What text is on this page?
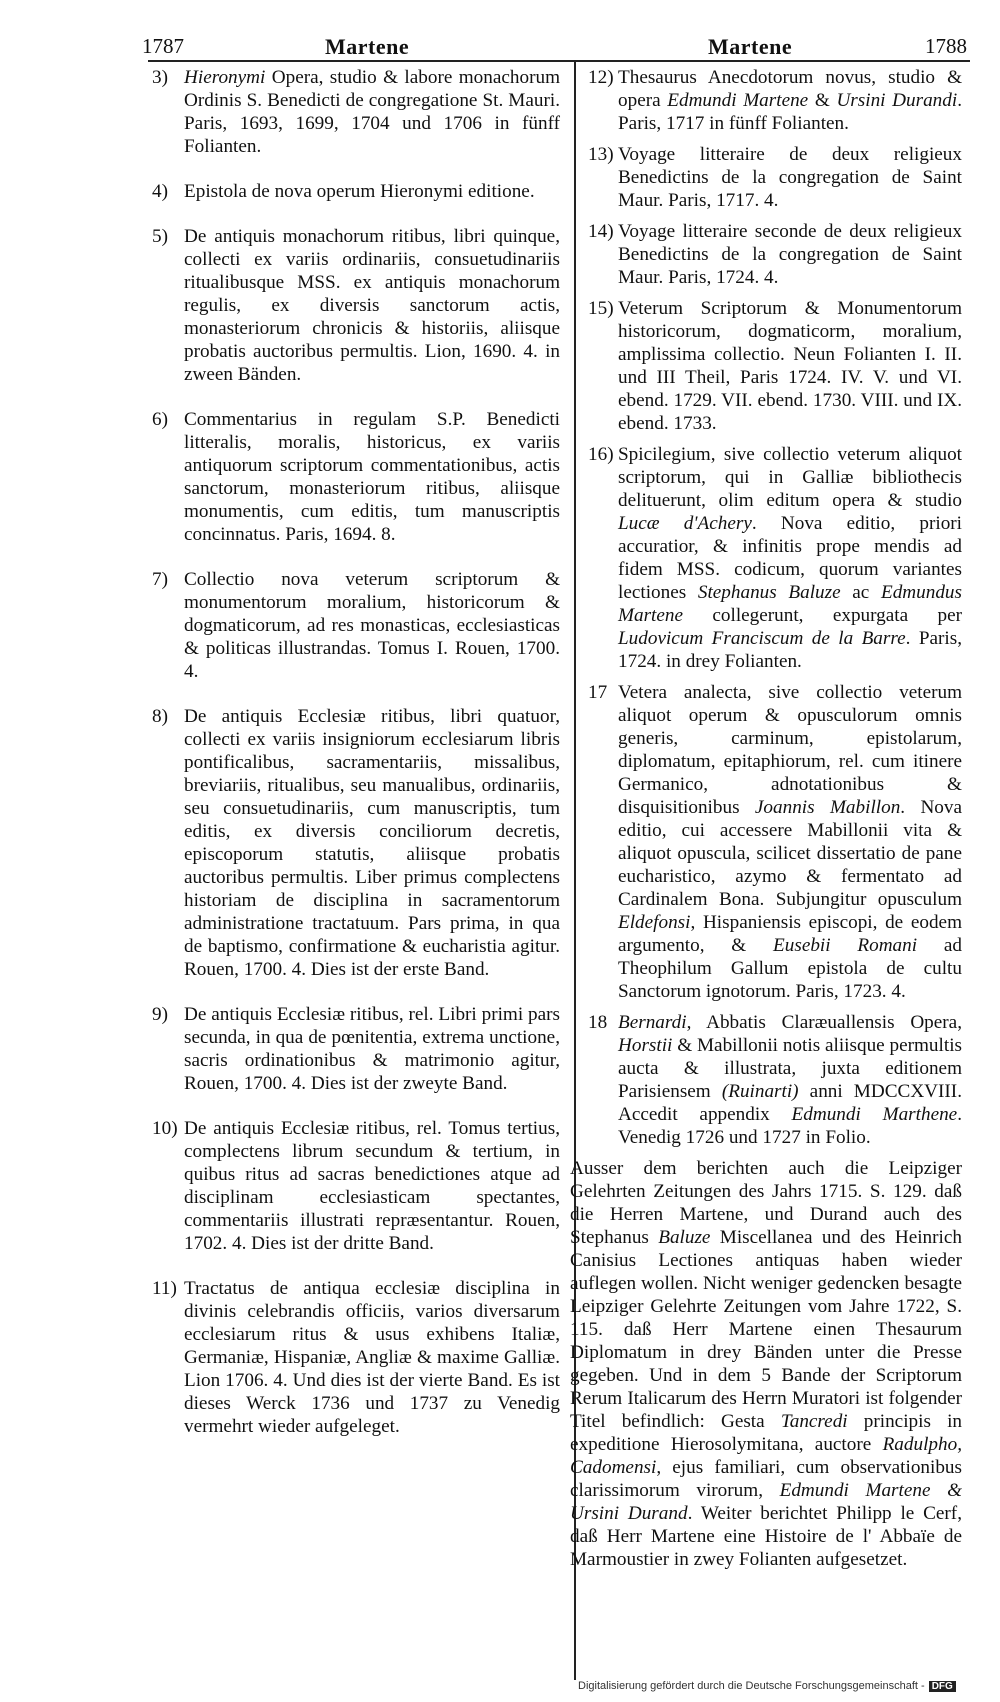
1787	Martene	Martene	1788
3) Hieronymi Opera, studio & labore monachorum Ordinis S. Benedicti de congregatione St. Mauri. Paris, 1693, 1699, 1704 und 1706 in fünff Folianten.
4) Epistola de nova operum Hieronymi editione.
5) De antiquis monachorum ritibus, libri quinque, collecti ex variis ordinariis, consuetudinariis ritualibusque MSS. ex antiquis monachorum regulis, ex diversis sanctorum actis, monasteriorum chronicis & historiis, aliisque probatis auctoribus permultis. Lion, 1690. 4. in zween Bänden.
6) Commentarius in regulam S.P. Benedicti litteralis, moralis, historicus, ex variis antiquorum scriptorum commentationibus, actis sanctorum, monasteriorum ritibus, aliisque monumentis, cum editis, tum manuscriptis concinnatus. Paris, 1694. 8.
7) Collectio nova veterum scriptorum & monumentorum moralium, historicorum & dogmaticorum, ad res monasticas, ecclesiasticas & politicas illustrandas. Tomus I. Rouen, 1700. 4.
8) De antiquis Ecclesiæ ritibus, libri quatuor, collecti ex variis insigniorum ecclesiarum libris pontificalibus, sacramentariis, missalibus, breviariis, ritualibus, seu manualibus, ordinariis, seu consuetudinariis, cum manuscriptis, tum editis, ex diversis conciliorum decretis, episcoporum statutis, aliisque probatis auctoribus permultis. Liber primus complectens historiam de disciplina in sacramentorum administratione tractatuum. Pars prima, in qua de baptismo, confirmatione & eucharistia agitur. Rouen, 1700. 4. Dies ist der erste Band.
9) De antiquis Ecclesiæ ritibus, rel. Libri primi pars secunda, in qua de pœnitentia, extrema unctione, sacris ordinationibus & matrimonio agitur, Rouen, 1700. 4. Dies ist der zweyte Band.
10) De antiquis Ecclesiæ ritibus, rel. Tomus tertius, complectens librum secundum & tertium, in quibus ritus ad sacras benedictiones atque ad disciplinam ecclesiasticam spectantes, commentariis illustrati repræsentantur. Rouen, 1702. 4. Dies ist der dritte Band.
11) Tractatus de antiqua ecclesiæ disciplina in divinis celebrandis officiis, varios diversarum ecclesiarum ritus & usus exhibens Italiæ, Germaniæ, Hispaniæ, Angliæ & maxime Galliæ. Lion 1706. 4. Und dies ist der vierte Band. Es ist dieses Werck 1736 und 1737 zu Venedig vermehrt wieder aufgeleget.
12) Thesaurus Anecdotorum novus, studio & opera Edmundi Martene & Ursini Durandi. Paris, 1717 in fünff Folianten.
13) Voyage litteraire de deux religieux Benedictins de la congregation de Saint Maur. Paris, 1717. 4.
14) Voyage litteraire seconde de deux religieux Benedictins de la congregation de Saint Maur. Paris, 1724. 4.
15) Veterum Scriptorum & Monumentorum historicorum, dogmaticorm, moralium, amplissima collectio. Neun Folianten I. II. und III Theil, Paris 1724. IV. V. und VI. ebend. 1729. VII. ebend. 1730. VIII. und IX. ebend. 1733.
16) Spicilegium, sive collectio veterum aliquot scriptorum, qui in Galliæ bibliothecis delituerunt, olim editum opera & studio Lucæ d'Achery. Nova editio, priori accuratior, & infinitis prope mendis ad fidem MSS. codicum, quorum variantes lectiones Stephanus Baluze ac Edmundus Martene collegerunt, expurgata per Ludovicum Franciscum de la Barre. Paris, 1724. in drey Folianten.
17 Vetera analecta, sive collectio veterum aliquot operum & opusculorum omnis generis, carminum, epistolarum, diplomatum, epitaphiorum, rel. cum itinere Germanico, adnotationibus & disquisitionibus Joannis Mabillon. Nova editio, cui accessere Mabillonii vita & aliquot opuscula, scilicet dissertatio de pane eucharistico, azymo & fermentato ad Cardinalem Bona. Subjungitur opusculum Eldefonsi, Hispaniensis episcopi, de eodem argumento, & Eusebii Romani ad Theophilum Gallum epistola de cultu Sanctorum ignotorum. Paris, 1723. 4.
18 Bernardi, Abbatis Claræuallensis Opera, Horstii & Mabillonii notis aliisque permultis aucta & illustrata, juxta editionem Parisiensem (Ruinarti) anni MDCCXVIII. Accedit appendix Edmundi Marthene. Venedig 1726 und 1727 in Folio.

Ausser dem berichten auch die Leipziger Gelehrten Zeitungen des Jahrs 1715. S. 129. daß die Herren Martene, und Durand auch des Stephanus Baluze Miscellanea und des Heinrich Canisius Lectiones antiquas haben wieder auflegen wollen. Nicht weniger gedencken besagte Leipziger Gelehrte Zeitungen vom Jahre 1722, S. 115. daß Herr Martene einen Thesaurum Diplomatum in drey Bänden unter die Presse gegeben. Und in dem 5 Bande der Scriptorum Rerum Italicarum des Herrn Muratori ist folgender Titel befindlich: Gesta Tancredi principis in expeditione Hierosolymitana, auctore Radulpho, Cadomensi, ejus familiari, cum observationibus clarissimorum virorum, Edmundi Martene & Ursini Durand. Weiter berichtet Philipp le Cerf, daß Herr Martene eine Histoire de l' Abbaïe de Marmoustier in zwey Folianten aufgesetzet.

Digitalisierung gefördert durch die Deutsche Forschungsgemeinschaft - DFG
